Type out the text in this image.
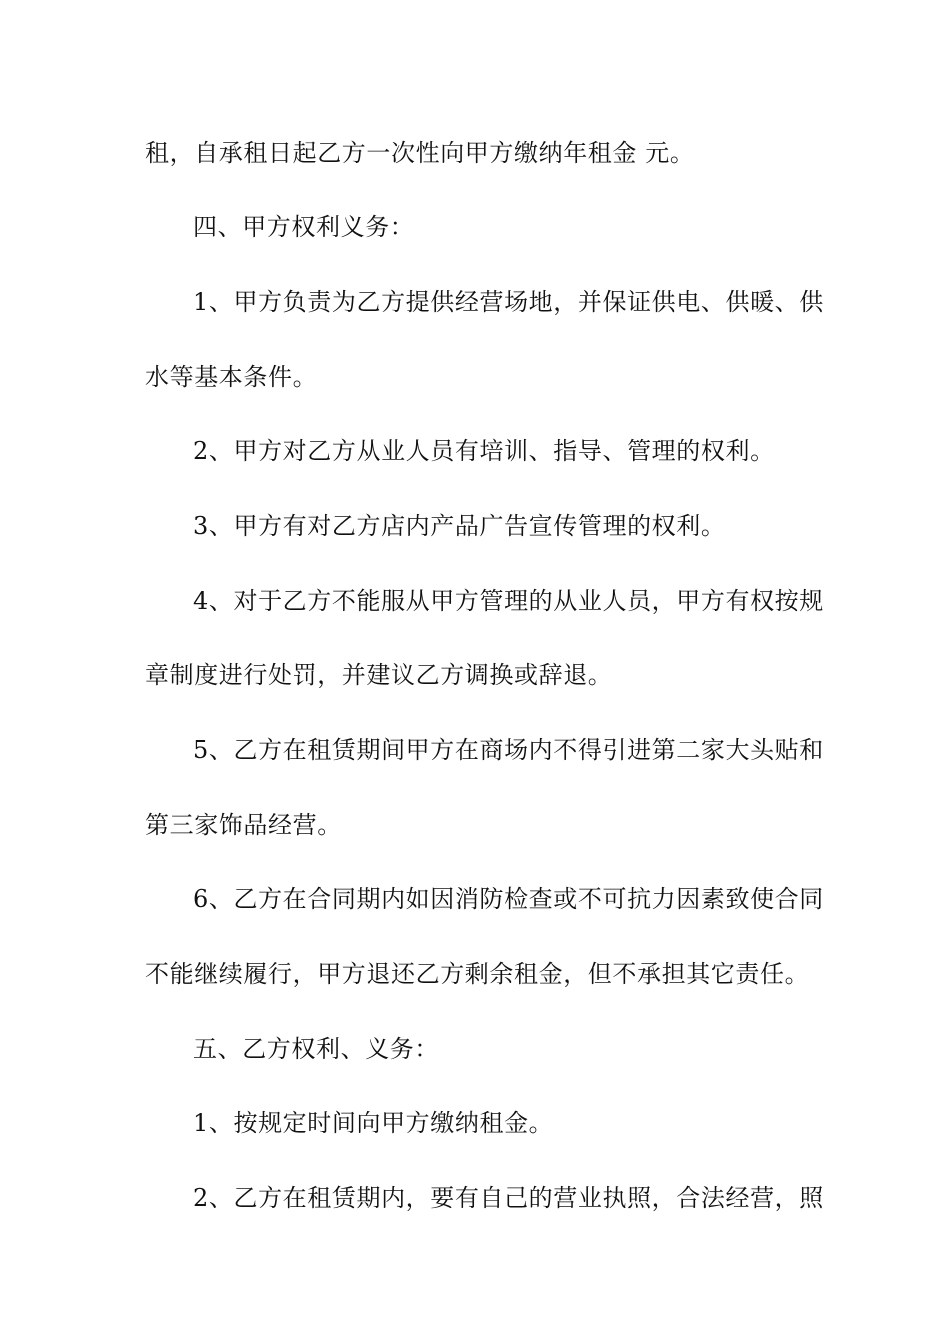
租，自承租日起乙方一次性向甲方缴纳年租金 元。

四、甲方权利义务：

1、甲方负责为乙方提供经营场地，并保证供电、供暖、供

水等基本条件。

2、甲方对乙方从业人员有培训、指导、管理的权利。

3、甲方有对乙方店内产品广告宣传管理的权利。

4、对于乙方不能服从甲方管理的从业人员，甲方有权按规

章制度进行处罚，并建议乙方调换或辞退。

5、乙方在租赁期间甲方在商场内不得引进第二家大头贴和

第三家饰品经营。

6、乙方在合同期内如因消防检查或不可抗力因素致使合同

不能继续履行，甲方退还乙方剩余租金，但不承担其它责任。

五、乙方权利、义务：

1、按规定时间向甲方缴纳租金。

2、乙方在租赁期内，要有自己的营业执照，合法经营，照
